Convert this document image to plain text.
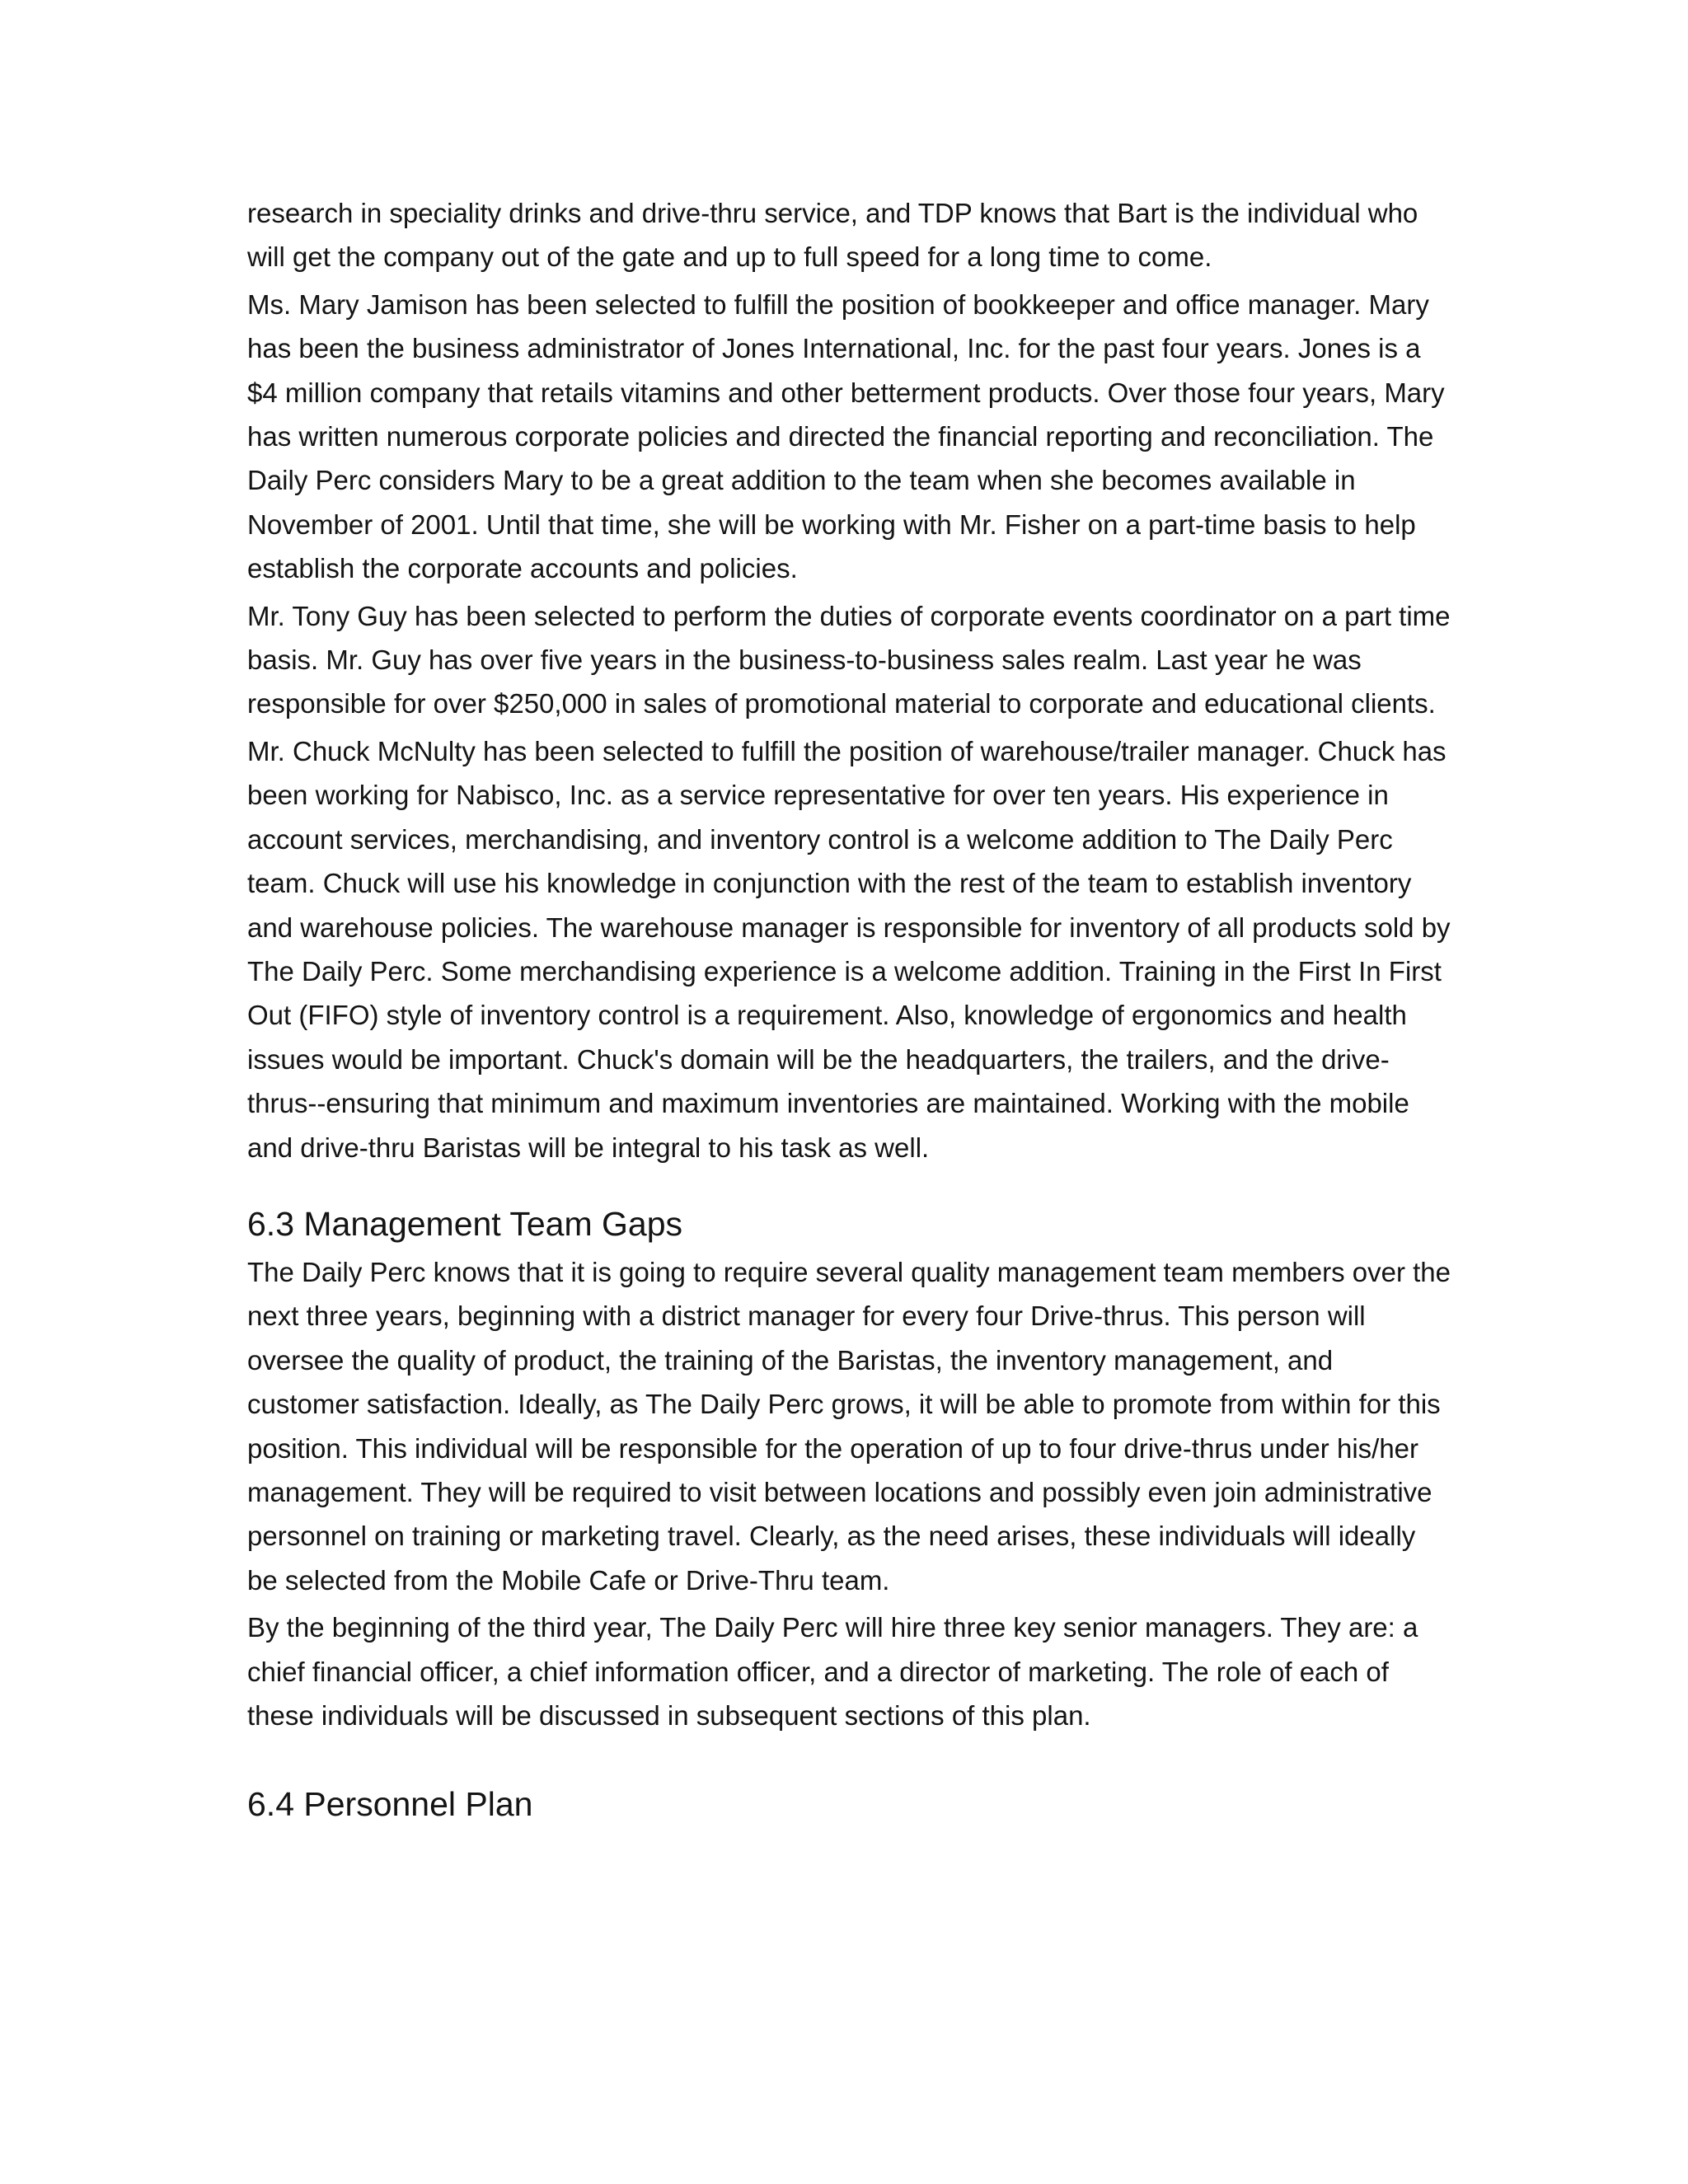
research in speciality drinks and drive-thru service, and TDP knows that Bart is the individual who will get the company out of the gate and up to full speed for a long time to come.

Ms. Mary Jamison has been selected to fulfill the position of bookkeeper and office manager. Mary has been the business administrator of Jones International, Inc. for the past four years. Jones is a $4 million company that retails vitamins and other betterment products. Over those four years, Mary has written numerous corporate policies and directed the financial reporting and reconciliation. The Daily Perc considers Mary to be a great addition to the team when she becomes available in November of 2001. Until that time, she will be working with Mr. Fisher on a part-time basis to help establish the corporate accounts and policies.

Mr. Tony Guy has been selected to perform the duties of corporate events coordinator on a part time basis. Mr. Guy has over five years in the business-to-business sales realm. Last year he was responsible for over $250,000 in sales of promotional material to corporate and educational clients.

Mr. Chuck McNulty has been selected to fulfill the position of warehouse/trailer manager. Chuck has been working for Nabisco, Inc. as a service representative for over ten years. His experience in account services, merchandising, and inventory control is a welcome addition to The Daily Perc team. Chuck will use his knowledge in conjunction with the rest of the team to establish inventory and warehouse policies. The warehouse manager is responsible for inventory of all products sold by The Daily Perc. Some merchandising experience is a welcome addition. Training in the First In First Out (FIFO) style of inventory control is a requirement. Also, knowledge of ergonomics and health issues would be important. Chuck's domain will be the headquarters, the trailers, and the drive-thrus--ensuring that minimum and maximum inventories are maintained. Working with the mobile and drive-thru Baristas will be integral to his task as well.

6.3 Management Team Gaps

The Daily Perc knows that it is going to require several quality management team members over the next three years, beginning with a district manager for every four Drive-thrus. This person will oversee the quality of product, the training of the Baristas, the inventory management, and customer satisfaction. Ideally, as The Daily Perc grows, it will be able to promote from within for this position. This individual will be responsible for the operation of up to four drive-thrus under his/her management. They will be required to visit between locations and possibly even join administrative personnel on training or marketing travel. Clearly, as the need arises, these individuals will ideally be selected from the Mobile Cafe or Drive-Thru team.

By the beginning of the third year, The Daily Perc will hire three key senior managers. They are: a chief financial officer, a chief information officer, and a director of marketing. The role of each of these individuals will be discussed in subsequent sections of this plan.

6.4 Personnel Plan
